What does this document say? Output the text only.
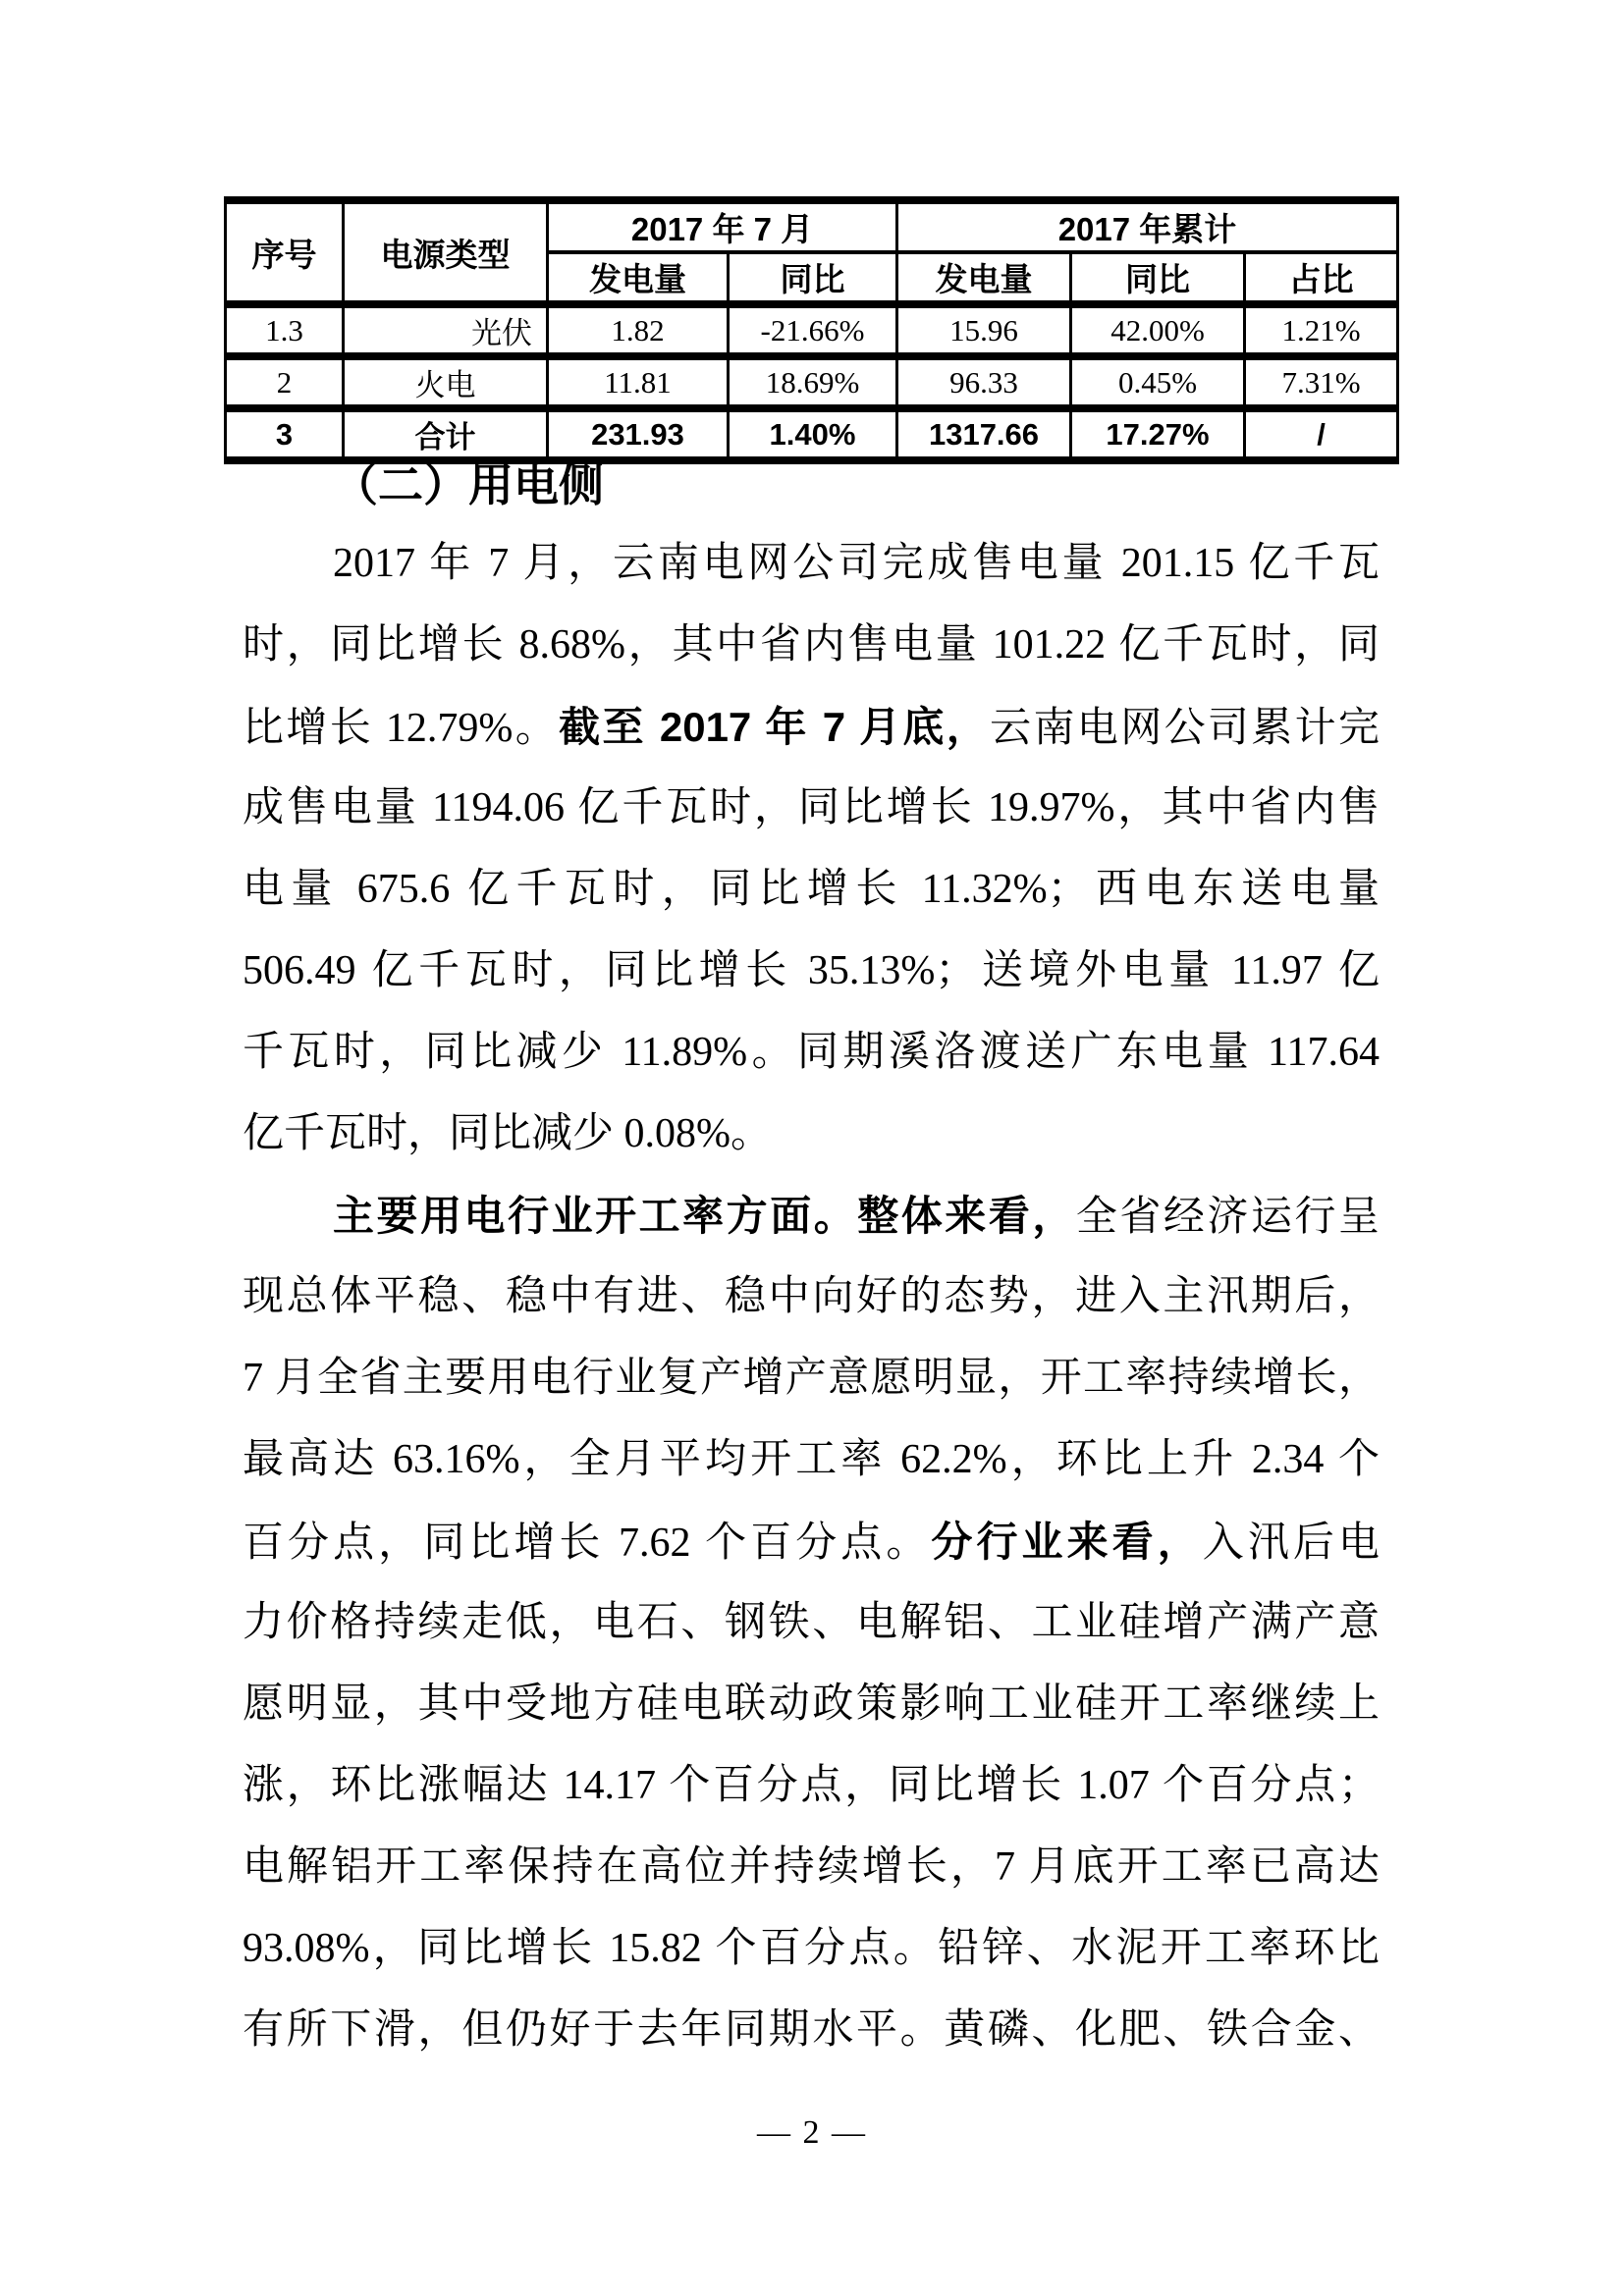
序号	电源类型	2017 年 7 月		2017 年累计		
		发电量	同比	发电量	同比	占比
1.3	光伏	1.82	-21.66%	15.96	42.00%	1.21%
2	火电	11.81	18.69%	96.33	0.45%	7.31%
3	合计	231.93	1.40%	1317.66	17.27%	/
（二）用电侧
2017 年 7 月，云南电网公司完成售电量 201.15 亿千瓦
时，同比增长 8.68%，其中省内售电量 101.22 亿千瓦时，同
比增长 12.79%。截至 2017 年 7 月底，云南电网公司累计完
成售电量 1194.06 亿千瓦时，同比增长 19.97%，其中省内售
电量 675.6 亿千瓦时，同比增长 11.32%；西电东送电量
506.49 亿千瓦时，同比增长 35.13%；送境外电量 11.97 亿
千瓦时，同比减少 11.89%。同期溪洛渡送广东电量 117.64
亿千瓦时，同比减少 0.08%。
主要用电行业开工率方面。整体来看，全省经济运行呈
现总体平稳、稳中有进、稳中向好的态势，进入主汛期后，
7 月全省主要用电行业复产增产意愿明显，开工率持续增长，
最高达 63.16%，全月平均开工率 62.2%，环比上升 2.34 个
百分点，同比增长 7.62 个百分点。分行业来看，入汛后电
力价格持续走低，电石、钢铁、电解铝、工业硅增产满产意
愿明显，其中受地方硅电联动政策影响工业硅开工率继续上
涨，环比涨幅达 14.17 个百分点，同比增长 1.07 个百分点；
电解铝开工率保持在高位并持续增长，7 月底开工率已高达
93.08%，同比增长 15.82 个百分点。铅锌、水泥开工率环比
有所下滑，但仍好于去年同期水平。黄磷、化肥、铁合金、
— 2 —
